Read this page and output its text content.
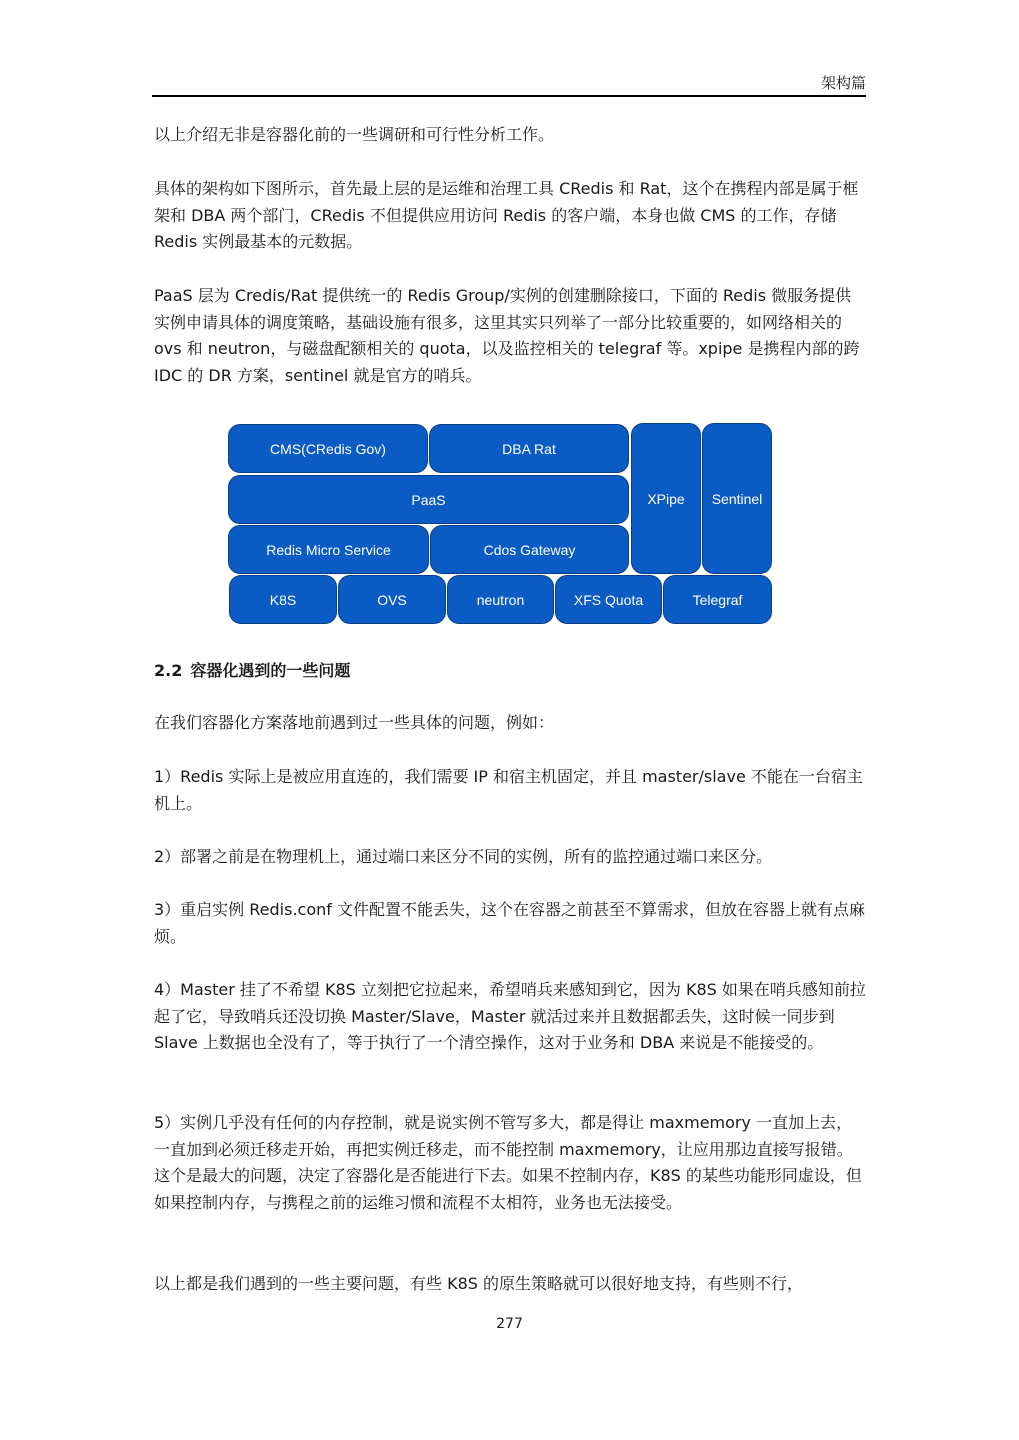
架构篇

以上介绍无非是容器化前的一些调研和可行性分析工作。

具体的架构如下图所示，首先最上层的是运维和治理工具 CRedis 和 Rat，这个在携程内部是属于框架和 DBA 两个部门，CRedis 不但提供应用访问 Redis 的客户端，本身也做 CMS 的工作，存储 Redis 实例最基本的元数据。

PaaS 层为 Credis/Rat 提供统一的 Redis Group/实例的创建删除接口，下面的 Redis 微服务提供实例申请具体的调度策略，基础设施有很多，这里其实只列举了一部分比较重要的，如网络相关的 ovs 和 neutron，与磁盘配额相关的 quota，以及监控相关的 telegraf 等。xpipe 是携程内部的跨 IDC 的 DR 方案，sentinel 就是官方的哨兵。

CMS(CRedis Gov)	DBA Rat
PaaS	XPipe	Sentinel
Redis Micro Service	Cdos Gateway
K8S	OVS	neutron	XFS Quota	Telegraf
2.2 容器化遇到的一些问题

在我们容器化方案落地前遇到过一些具体的问题，例如：

1）Redis 实际上是被应用直连的，我们需要 IP 和宿主机固定，并且 master/slave 不能在一台宿主机上。

2）部署之前是在物理机上，通过端口来区分不同的实例，所有的监控通过端口来区分。

3）重启实例 Redis.conf 文件配置不能丢失，这个在容器之前甚至不算需求，但放在容器上就有点麻烦。

4）Master 挂了不希望 K8S 立刻把它拉起来，希望哨兵来感知到它，因为 K8S 如果在哨兵感知前拉起了它，导致哨兵还没切换 Master/Slave，Master 就活过来并且数据都丢失，这时候一同步到 Slave 上数据也全没有了，等于执行了一个清空操作，这对于业务和 DBA 来说是不能接受的。

5）实例几乎没有任何的内存控制，就是说实例不管写多大，都是得让 maxmemory 一直加上去，一直加到必须迁移走开始，再把实例迁移走，而不能控制 maxmemory，让应用那边直接写报错。这个是最大的问题，决定了容器化是否能进行下去。如果不控制内存，K8S 的某些功能形同虚设，但如果控制内存，与携程之前的运维习惯和流程不太相符，业务也无法接受。

以上都是我们遇到的一些主要问题，有些 K8S 的原生策略就可以很好地支持，有些则不行，

277
